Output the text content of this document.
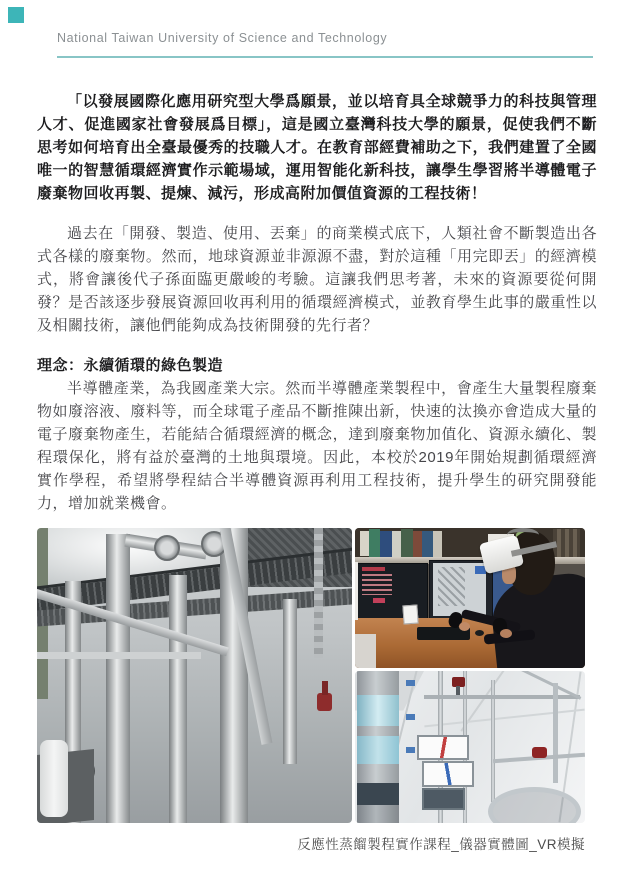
National Taiwan University of Science and Technology

「以發展國際化應用研究型大學爲願景，並以培育具全球競爭力的科技與管理人才、促進國家社會發展爲目標」，這是國立臺灣科技大學的願景，促使我們不斷思考如何培育出全臺最優秀的技職人才。在教育部經費補助之下，我們建置了全國唯一的智慧循環經濟實作示範場域，運用智能化新科技，讓學生學習將半導體電子廢棄物回收再製、提煉、減污，形成高附加價值資源的工程技術！

過去在「開發、製造、使用、丟棄」的商業模式底下，人類社會不斷製造出各式各樣的廢棄物。然而，地球資源並非源源不盡，對於這種「用完即丟」的經濟模式，將會讓後代子孫面臨更嚴峻的考驗。這讓我們思考著，未來的資源要從何開發？是否該逐步發展資源回收再利用的循環經濟模式，並教育學生此事的嚴重性以及相關技術，讓他們能夠成為技術開發的先行者？

理念：永續循環的綠色製造

半導體產業，為我國產業大宗。然而半導體產業製程中，會產生大量製程廢棄物如廢溶液、廢料等，而全球電子產品不斷推陳出新，快速的汰換亦會造成大量的電子廢棄物產生，若能結合循環經濟的概念，達到廢棄物加值化、資源永續化、製程環保化，將有益於臺灣的土地與環境。因此，本校於2019年開始規劃循環經濟實作學程，希望將學程結合半導體資源再利用工程技術，提升學生的研究開發能力，增加就業機會。

反應性蒸餾製程實作課程_儀器實體圖_VR模擬
